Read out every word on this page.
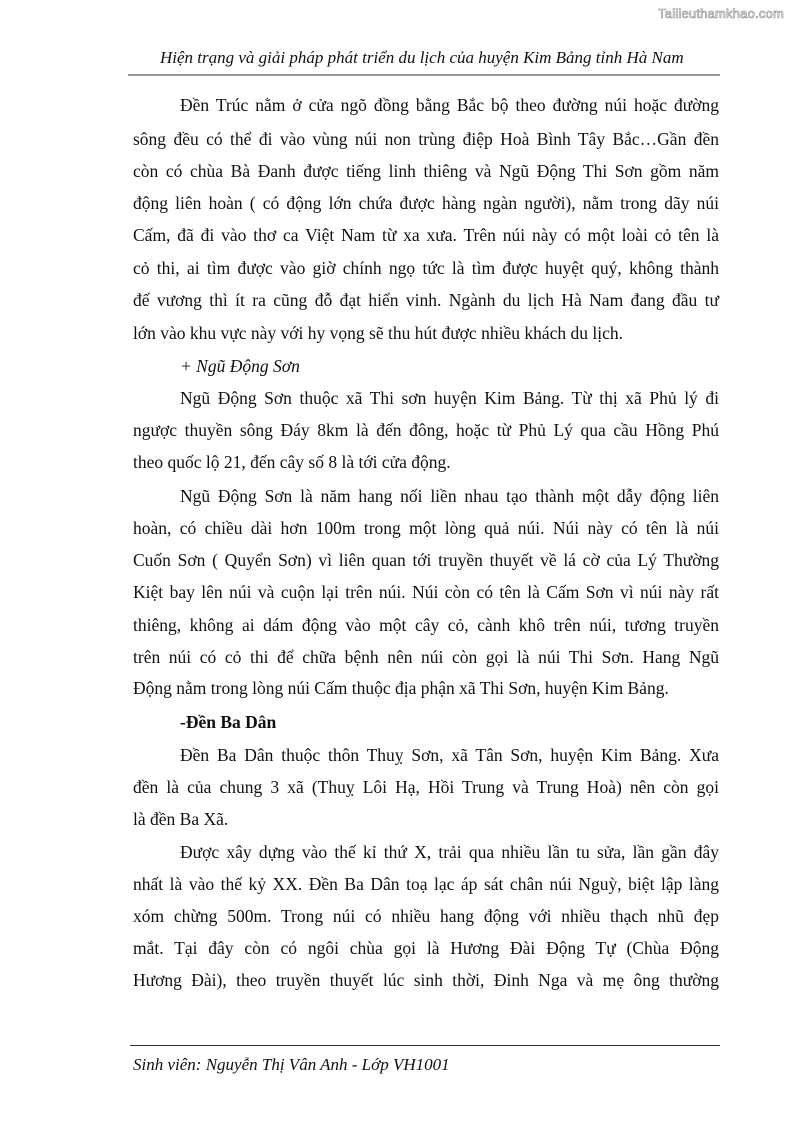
Tailieuthamkhao.com
Hiện trạng và giải pháp phát triển du lịch của huyện Kim Bảng tỉnh Hà Nam
Đền Trúc nằm ở cửa ngõ đồng bằng Bắc bộ theo đường núi hoặc đường
sông đều có thể đi vào vùng núi non trùng điệp Hoà Bình Tây Bắc…Gần đền
còn có chùa Bà Đanh được tiếng linh thiêng và Ngũ Động Thi Sơn gồm năm
động liên hoàn ( có động lớn chứa được hàng ngàn người), nằm trong dãy núi
Cấm, đã đi vào thơ ca Việt Nam từ xa xưa. Trên núi này có một loài cỏ tên là
cỏ thi, ai tìm được vào giờ chính ngọ tức là tìm được huyệt quý, không thành
đế vương thì ít ra cũng đỗ đạt hiển vinh. Ngành du lịch Hà Nam đang đầu tư
lớn vào khu vực này với hy vọng sẽ thu hút được nhiều khách du lịch.
+ Ngũ Động Sơn
Ngũ Động Sơn thuộc xã Thi sơn huyện Kim Bảng. Từ thị xã Phủ lý đi
ngược thuyền sông Đáy 8km là đến đông, hoặc từ Phủ Lý qua cầu Hồng Phú
theo quốc lộ 21, đến cây số 8 là tới cửa động.
Ngũ Động Sơn là năm hang nối liền nhau tạo thành một dẫy động liên
hoàn, có chiều dài hơn 100m trong một lòng quả núi. Núi này có tên là núi
Cuốn Sơn ( Quyển Sơn) vì liên quan tới truyền thuyết về lá cờ của Lý Thường
Kiệt bay lên núi và cuộn lại trên núi. Núi còn có tên là Cấm Sơn vì núi này rất
thiêng, không ai dám động vào một cây cỏ, cành khô trên núi, tương truyền
trên núi có cỏ thi để chữa bệnh nên núi còn gọi là núi Thi Sơn. Hang Ngũ
Động nằm trong lòng núi Cấm thuộc địa phận xã Thi Sơn, huyện Kim Bảng.
-Đền Ba Dân
Đền Ba Dân thuộc thôn Thuỵ Sơn, xã Tân Sơn, huyện Kim Bảng. Xưa
đền là của chung 3 xã (Thuỵ Lôi Hạ, Hồi Trung và Trung Hoà) nên còn gọi
là đền Ba Xã.
Được xây dựng vào thế kỉ thứ X, trải qua nhiều lần tu sửa, lần gần đây
nhất là vào thế kỷ XX. Đền Ba Dân toạ lạc áp sát chân núi Nguỳ, biệt lập làng
xóm chừng 500m. Trong núi có nhiều hang động với nhiều thạch nhũ đẹp
mắt. Tại đây còn có ngôi chùa gọi là Hương Đài Động Tự (Chùa Động
Hương Đài), theo truyền thuyết lúc sinh thời, Đinh Nga và mẹ ông thường
Sinh viên: Nguyễn Thị Vân Anh - Lớp VH1001
